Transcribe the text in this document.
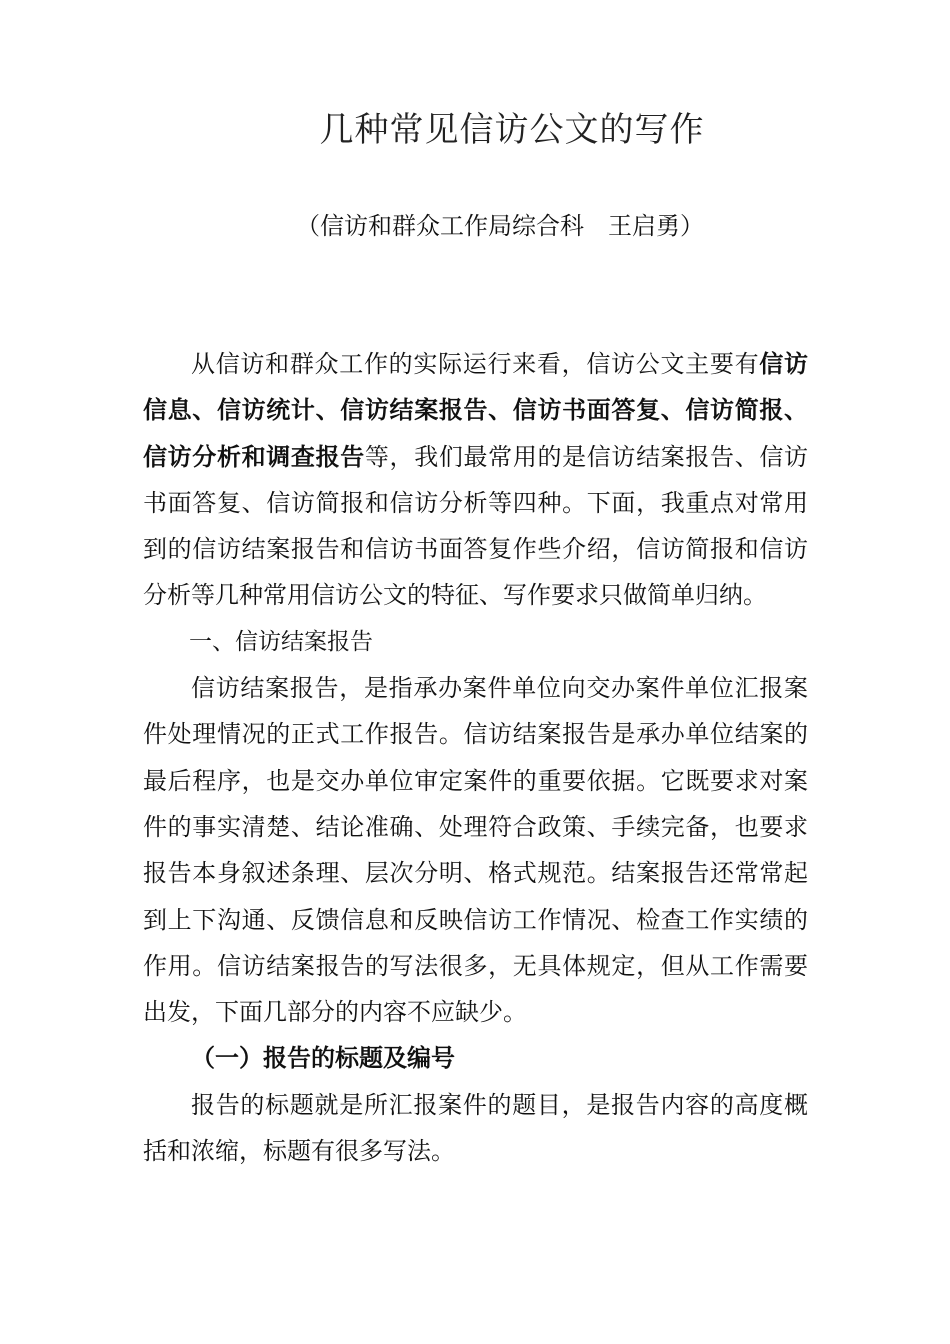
几种常见信访公文的写作
（信访和群众工作局综合科　王启勇）

从信访和群众工作的实际运行来看，信访公文主要有信访信息、信访统计、信访结案报告、信访书面答复、信访简报、信访分析和调查报告等，我们最常用的是信访结案报告、信访书面答复、信访简报和信访分析等四种。下面，我重点对常用到的信访结案报告和信访书面答复作些介绍，信访简报和信访分析等几种常用信访公文的特征、写作要求只做简单归纳。

一、信访结案报告

信访结案报告，是指承办案件单位向交办案件单位汇报案件处理情况的正式工作报告。信访结案报告是承办单位结案的最后程序，也是交办单位审定案件的重要依据。它既要求对案件的事实清楚、结论准确、处理符合政策、手续完备，也要求报告本身叙述条理、层次分明、格式规范。结案报告还常常起到上下沟通、反馈信息和反映信访工作情况、检查工作实绩的作用。信访结案报告的写法很多，无具体规定，但从工作需要出发，下面几部分的内容不应缺少。

（一）报告的标题及编号

报告的标题就是所汇报案件的题目，是报告内容的高度概括和浓缩，标题有很多写法。
